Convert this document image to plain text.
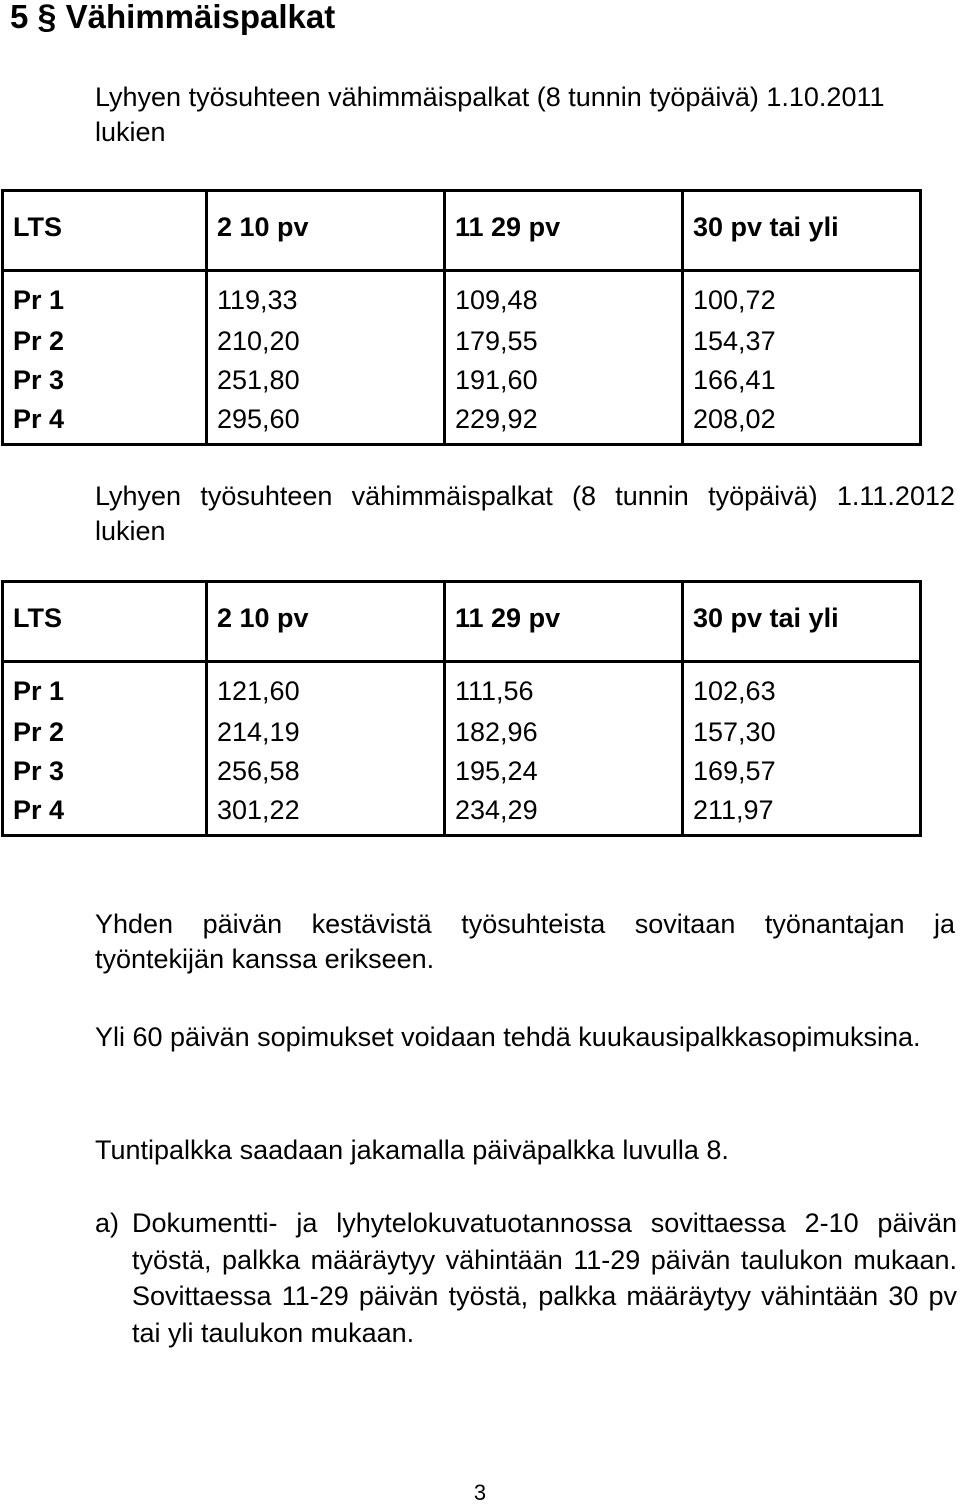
5 § Vähimmäispalkat
Lyhyen työsuhteen vähimmäispalkat (8 tunnin työpäivä) 1.10.2011 lukien
LTS	2 10 pv	11 29 pv	30 pv tai yli
Pr 1	119,33	109,48	100,72
Pr 2	210,20	179,55	154,37
Pr 3	251,80	191,60	166,41
Pr 4	295,60	229,92	208,02
Lyhyen työsuhteen vähimmäispalkat (8 tunnin työpäivä) 1.11.2012 lukien
LTS	2 10 pv	11 29 pv	30 pv tai yli
Pr 1	121,60	111,56	102,63
Pr 2	214,19	182,96	157,30
Pr 3	256,58	195,24	169,57
Pr 4	301,22	234,29	211,97
Yhden päivän kestävistä työsuhteista sovitaan työnantajan ja työntekijän kanssa erikseen.
Yli 60 päivän sopimukset voidaan tehdä kuukausipalkkasopimuksina.
Tuntipalkka saadaan jakamalla päiväpalkka luvulla 8.
a) Dokumentti- ja lyhytelokuvatuotannossa sovittaessa 2-10 päivän työstä, palkka määräytyy vähintään 11-29 päivän taulukon mukaan. Sovittaessa 11-29 päivän työstä, palkka määräytyy vähintään 30 pv tai yli taulukon mukaan.
3
